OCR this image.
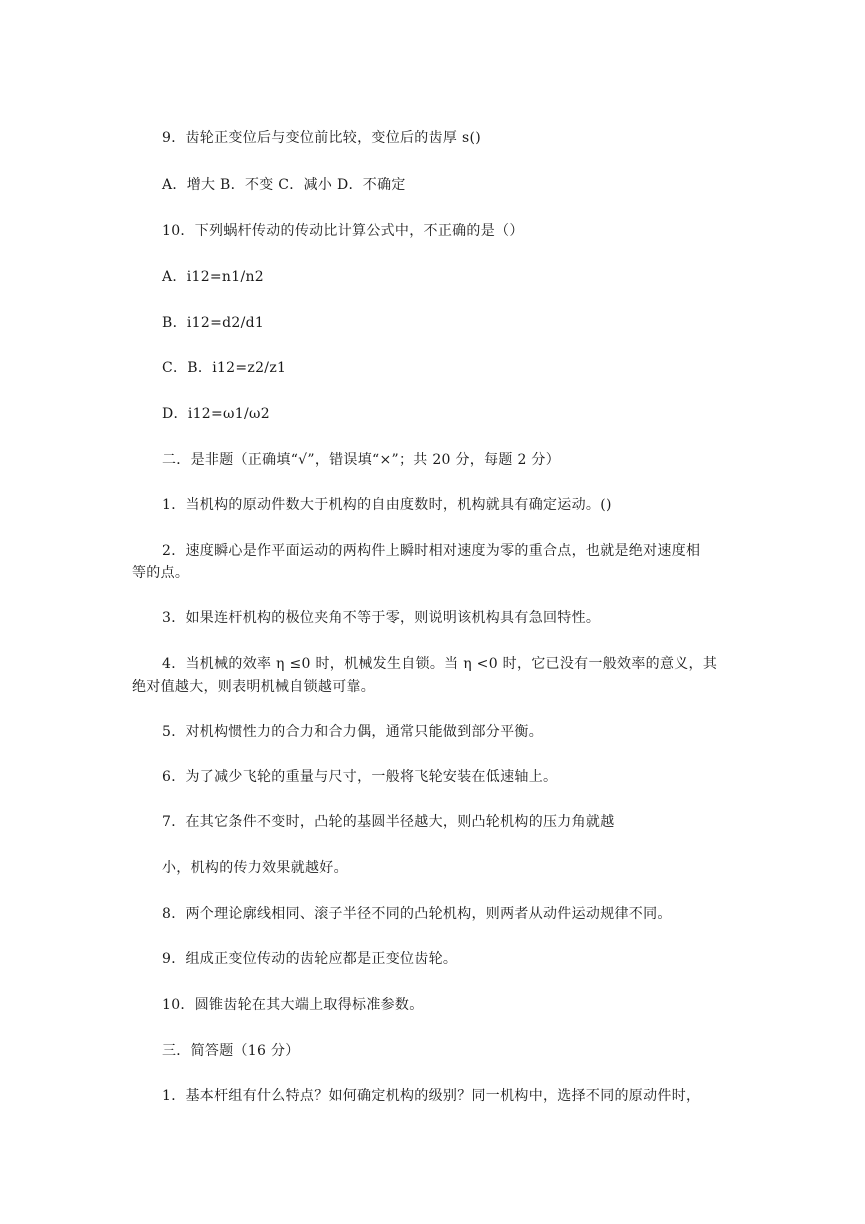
9．齿轮正变位后与变位前比较，变位后的齿厚 s()
A．增大 B．不变 C．减小 D．不确定
10．下列蜗杆传动的传动比计算公式中，不正确的是（）
A．i12=n1/n2
B．i12=d2/d1
C．B．i12=z2/z1
D．i12=ω1/ω2
二．是非题（正确填“√”，错误填“×”；共 20 分，每题 2 分）
1．当机构的原动件数大于机构的自由度数时，机构就具有确定运动。()
2．速度瞬心是作平面运动的两构件上瞬时相对速度为零的重合点，也就是绝对速度相
等的点。
3．如果连杆机构的极位夹角不等于零，则说明该机构具有急回特性。
4．当机械的效率 η ≤0 时，机械发生自锁。当 η <0 时，它已没有一般效率的意义，其
绝对值越大，则表明机械自锁越可靠。
5．对机构惯性力的合力和合力偶，通常只能做到部分平衡。
6．为了减少飞轮的重量与尺寸，一般将飞轮安装在低速轴上。
7．在其它条件不变时，凸轮的基圆半径越大，则凸轮机构的压力角就越
小，机构的传力效果就越好。
8．两个理论廓线相同、滚子半径不同的凸轮机构，则两者从动件运动规律不同。
9．组成正变位传动的齿轮应都是正变位齿轮。
10．圆锥齿轮在其大端上取得标准参数。
三．简答题（16 分）
1．基本杆组有什么特点？如何确定机构的级别？同一机构中，选择不同的原动件时，
